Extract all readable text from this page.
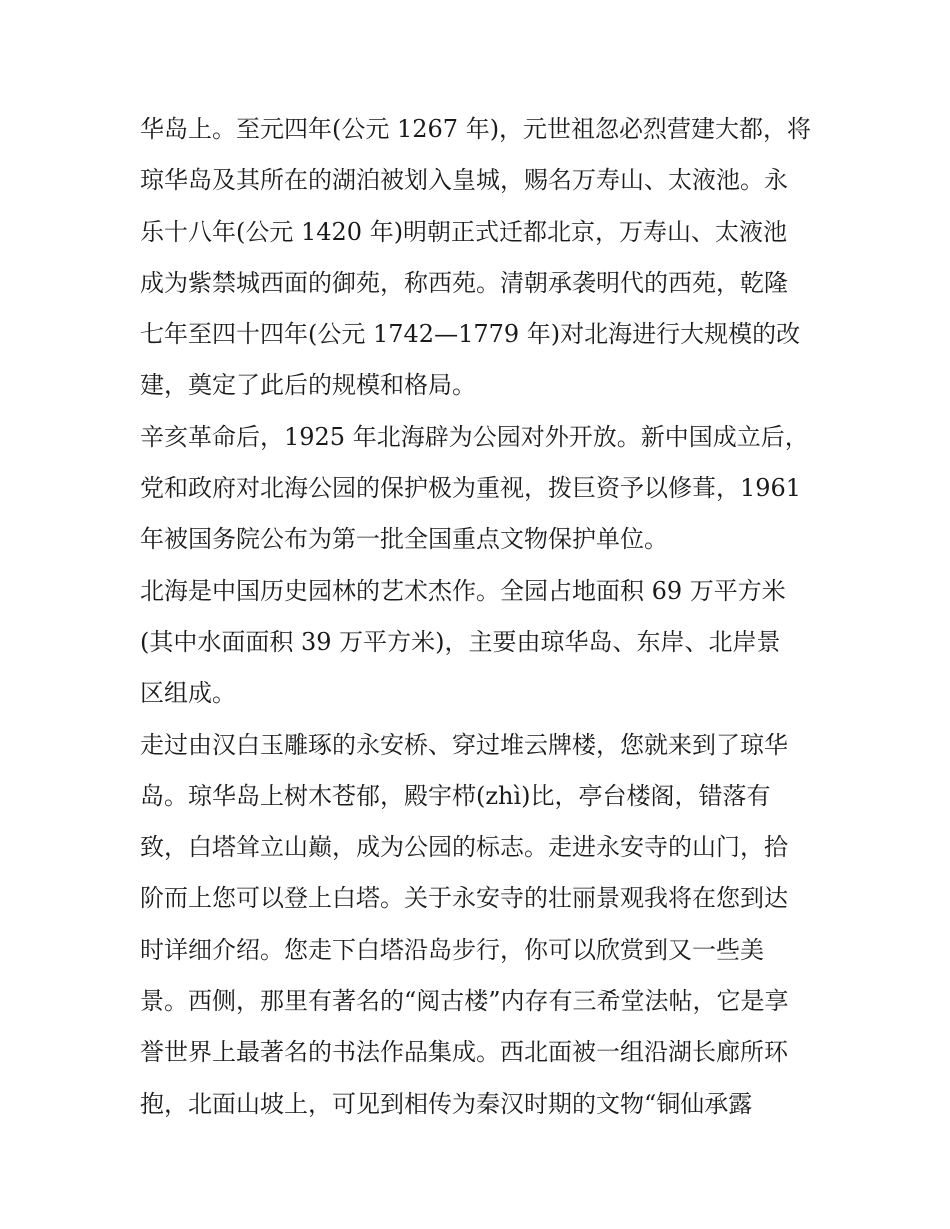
华岛上。至元四年(公元 1267 年)，元世祖忽必烈营建大都，将
琼华岛及其所在的湖泊被划入皇城，赐名万寿山、太液池。永
乐十八年(公元 1420 年)明朝正式迁都北京，万寿山、太液池
成为紫禁城西面的御苑，称西苑。清朝承袭明代的西苑，乾隆
七年至四十四年(公元 1742—1779 年)对北海进行大规模的改
建，奠定了此后的规模和格局。
辛亥革命后，1925 年北海辟为公园对外开放。新中国成立后，
党和政府对北海公园的保护极为重视，拨巨资予以修葺，1961
年被国务院公布为第一批全国重点文物保护单位。
北海是中国历史园林的艺术杰作。全园占地面积 69 万平方米
(其中水面面积 39 万平方米)，主要由琼华岛、东岸、北岸景
区组成。
走过由汉白玉雕琢的永安桥、穿过堆云牌楼，您就来到了琼华
岛。琼华岛上树木苍郁，殿宇栉(zhì)比，亭台楼阁，错落有
致，白塔耸立山巅，成为公园的标志。走进永安寺的山门，拾
阶而上您可以登上白塔。关于永安寺的壮丽景观我将在您到达
时详细介绍。您走下白塔沿岛步行，你可以欣赏到又一些美
景。西侧，那里有著名的“阅古楼”内存有三希堂法帖，它是享
誉世界上最著名的书法作品集成。西北面被一组沿湖长廊所环
抱，北面山坡上，可见到相传为秦汉时期的文物“铜仙承露
